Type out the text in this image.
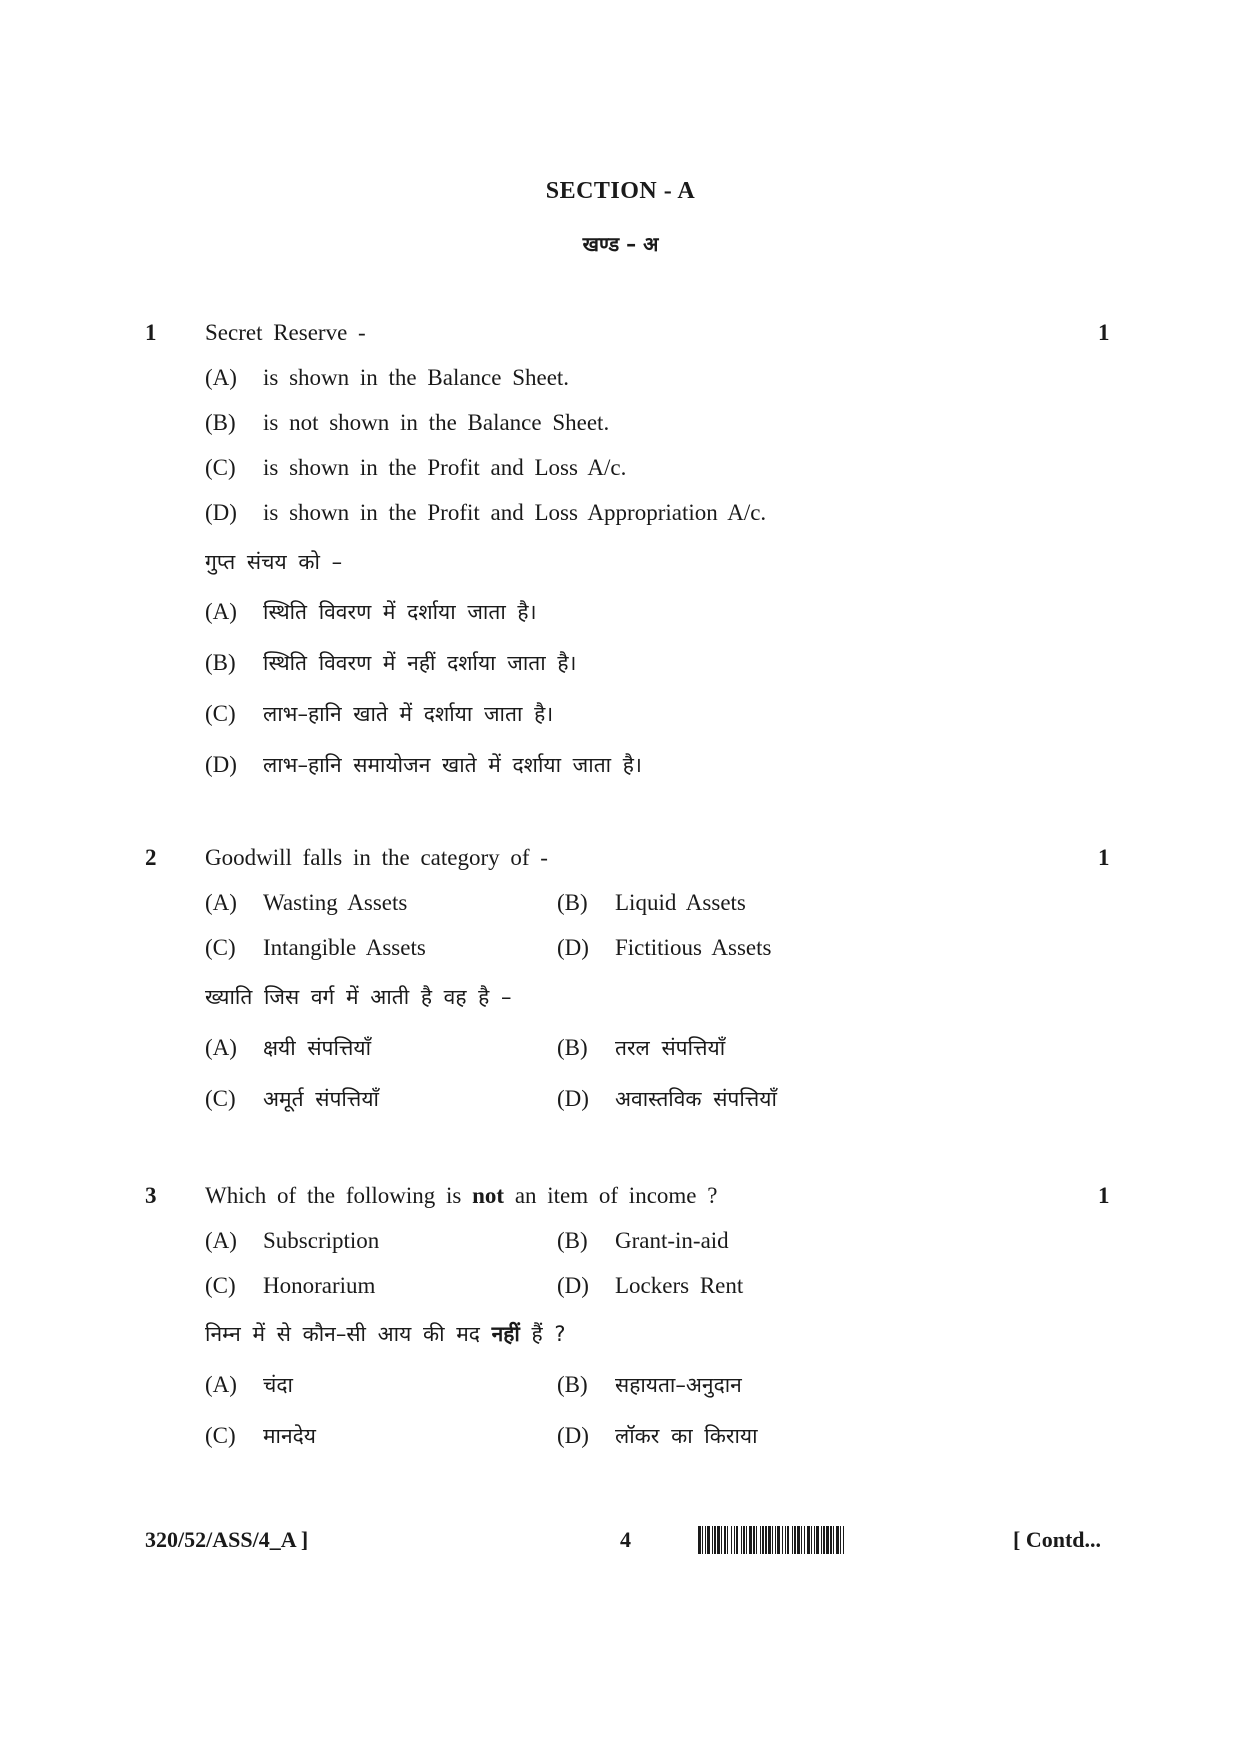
SECTION - A
खण्ड – अ
1	1
Secret Reserve -
(A) is shown in the Balance Sheet.
(B) is not shown in the Balance Sheet.
(C) is shown in the Profit and Loss A/c.
(D) is shown in the Profit and Loss Appropriation A/c.
गुप्त संचय को –
(A) स्थिति विवरण में दर्शाया जाता है।
(B) स्थिति विवरण में नहीं दर्शाया जाता है।
(C) लाभ–हानि खाते में दर्शाया जाता है।
(D) लाभ–हानि समायोजन खाते में दर्शाया जाता है।
2	1
Goodwill falls in the category of -
(A) Wasting Assets	(B) Liquid Assets
(C) Intangible Assets	(D) Fictitious Assets
ख्याति जिस वर्ग में आती है वह है –
(A) क्षयी संपत्तियाँ	(B) तरल संपत्तियाँ
(C) अमूर्त संपत्तियाँ	(D) अवास्तविक संपत्तियाँ
3	1
Which of the following is not an item of income ?
(A) Subscription	(B) Grant-in-aid
(C) Honorarium	(D) Lockers Rent
निम्न में से कौन–सी आय की मद नहीं हैं ?
(A) चंदा	(B) सहायता–अनुदान
(C) मानदेय	(D) लॉकर का किराया
320/52/ASS/4_A ]	4	[ Contd...
